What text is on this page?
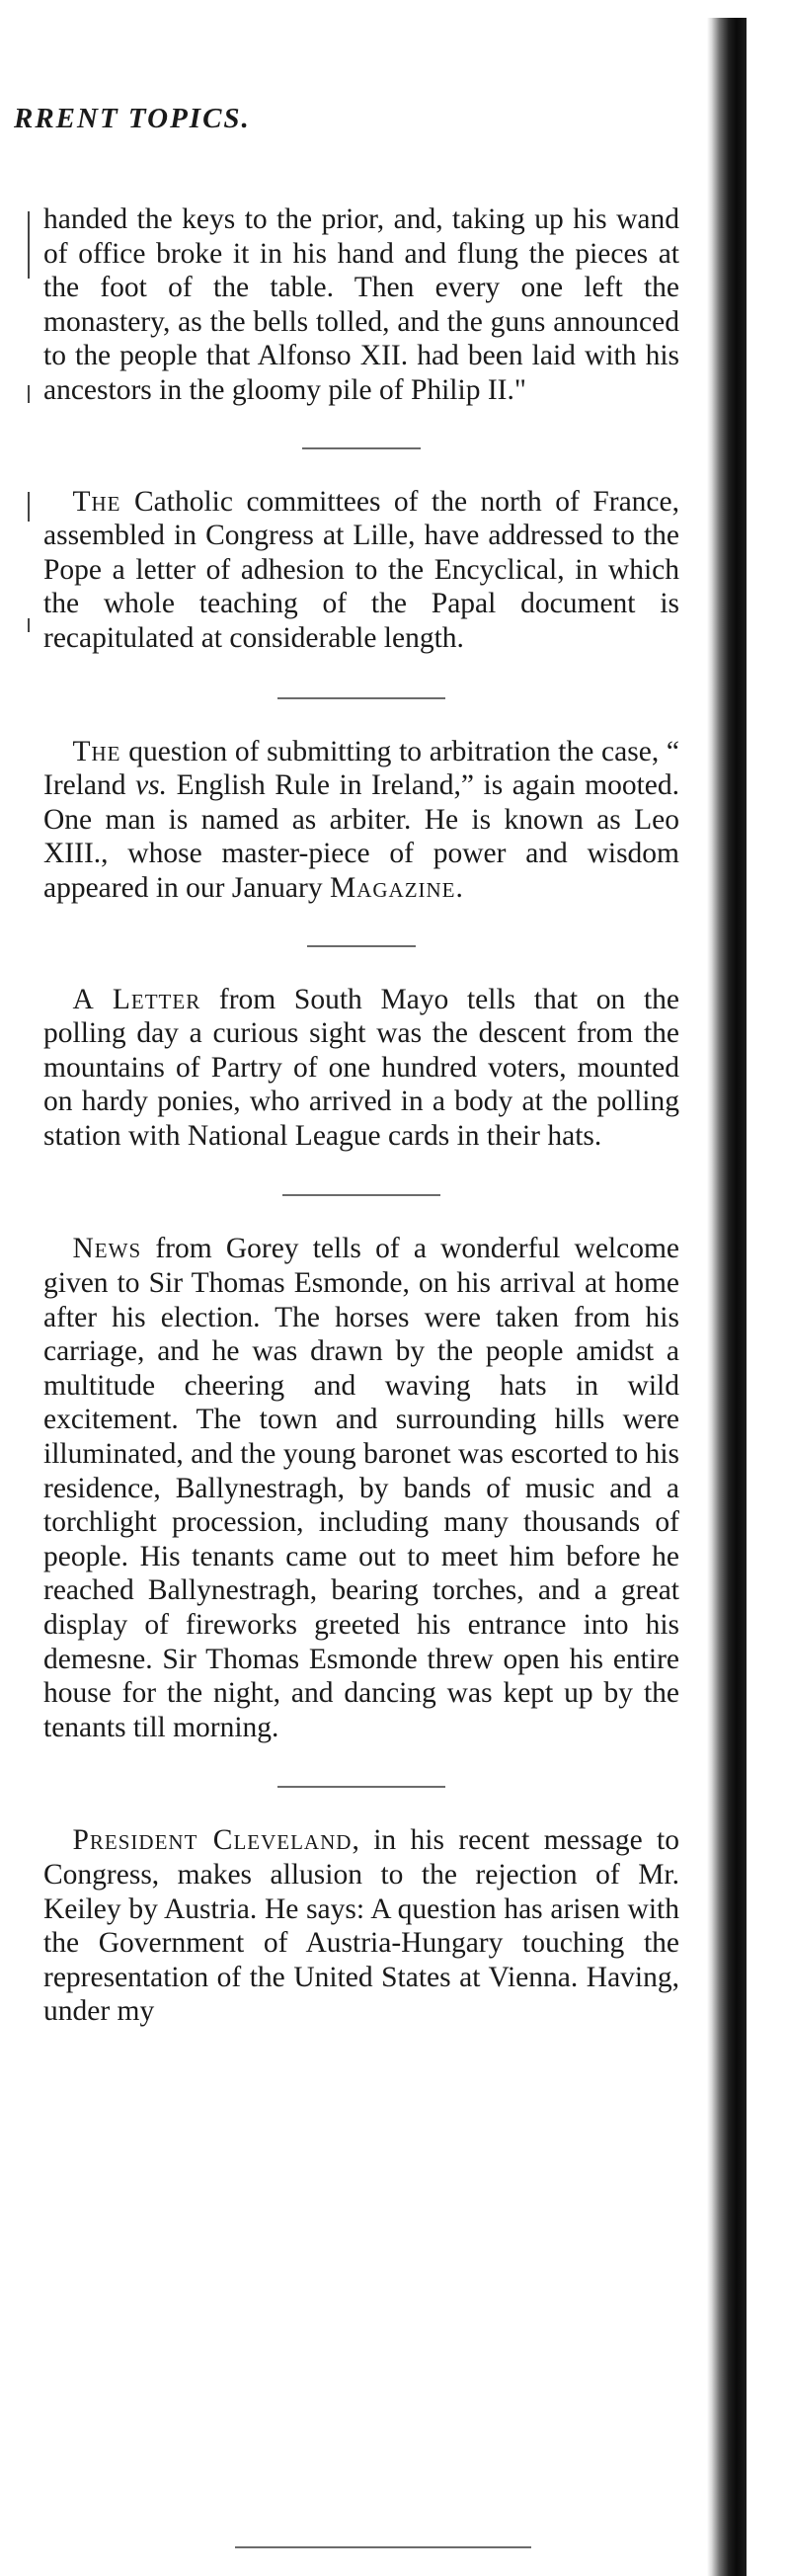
RRENT TOPICS.

handed the keys to the prior, and, taking up his wand of office broke it in his hand and flung the pieces at the foot of the table. Then every one left the monastery, as the bells tolled, and the guns announced to the people that Alfonso XII. had been laid with his ancestors in the gloomy pile of Philip II."

 The Catholic committees of the north of France, assembled in Congress at Lille, have addressed to the Pope a letter of adhesion to the Encyclical, in which the whole teaching of the Papal document is recapitulated at considerable length.

 The question of submitting to arbitration the case, “ Ireland vs. English Rule in Ireland,” is again mooted. One man is named as arbiter. He is known as Leo XIII., whose master-piece of power and wisdom appeared in our January Magazine.

 A Letter from South Mayo tells that on the polling day a curious sight was the descent from the mountains of Partry of one hundred voters, mounted on hardy ponies, who arrived in a body at the polling station with National League cards in their hats.

 News from Gorey tells of a wonderful welcome given to Sir Thomas Esmonde, on his arrival at home after his election. The horses were taken from his carriage, and he was drawn by the people amidst a multitude cheering and waving hats in wild excitement. The town and surrounding hills were illuminated, and the young baronet was escorted to his residence, Ballynestragh, by bands of music and a torchlight procession, including many thousands of people. His tenants came out to meet him before he reached Ballynestragh, bearing torches, and a great display of fireworks greeted his entrance into his demesne. Sir Thomas Esmonde threw open his entire house for the night, and dancing was kept up by the tenants till morning.

 President Cleveland, in his recent message to Congress, makes allusion to the rejection of Mr. Keiley by Austria. He says: A question has arisen with the Government of Austria-Hungary touching the representation of the United States at Vienna. Having, under my
